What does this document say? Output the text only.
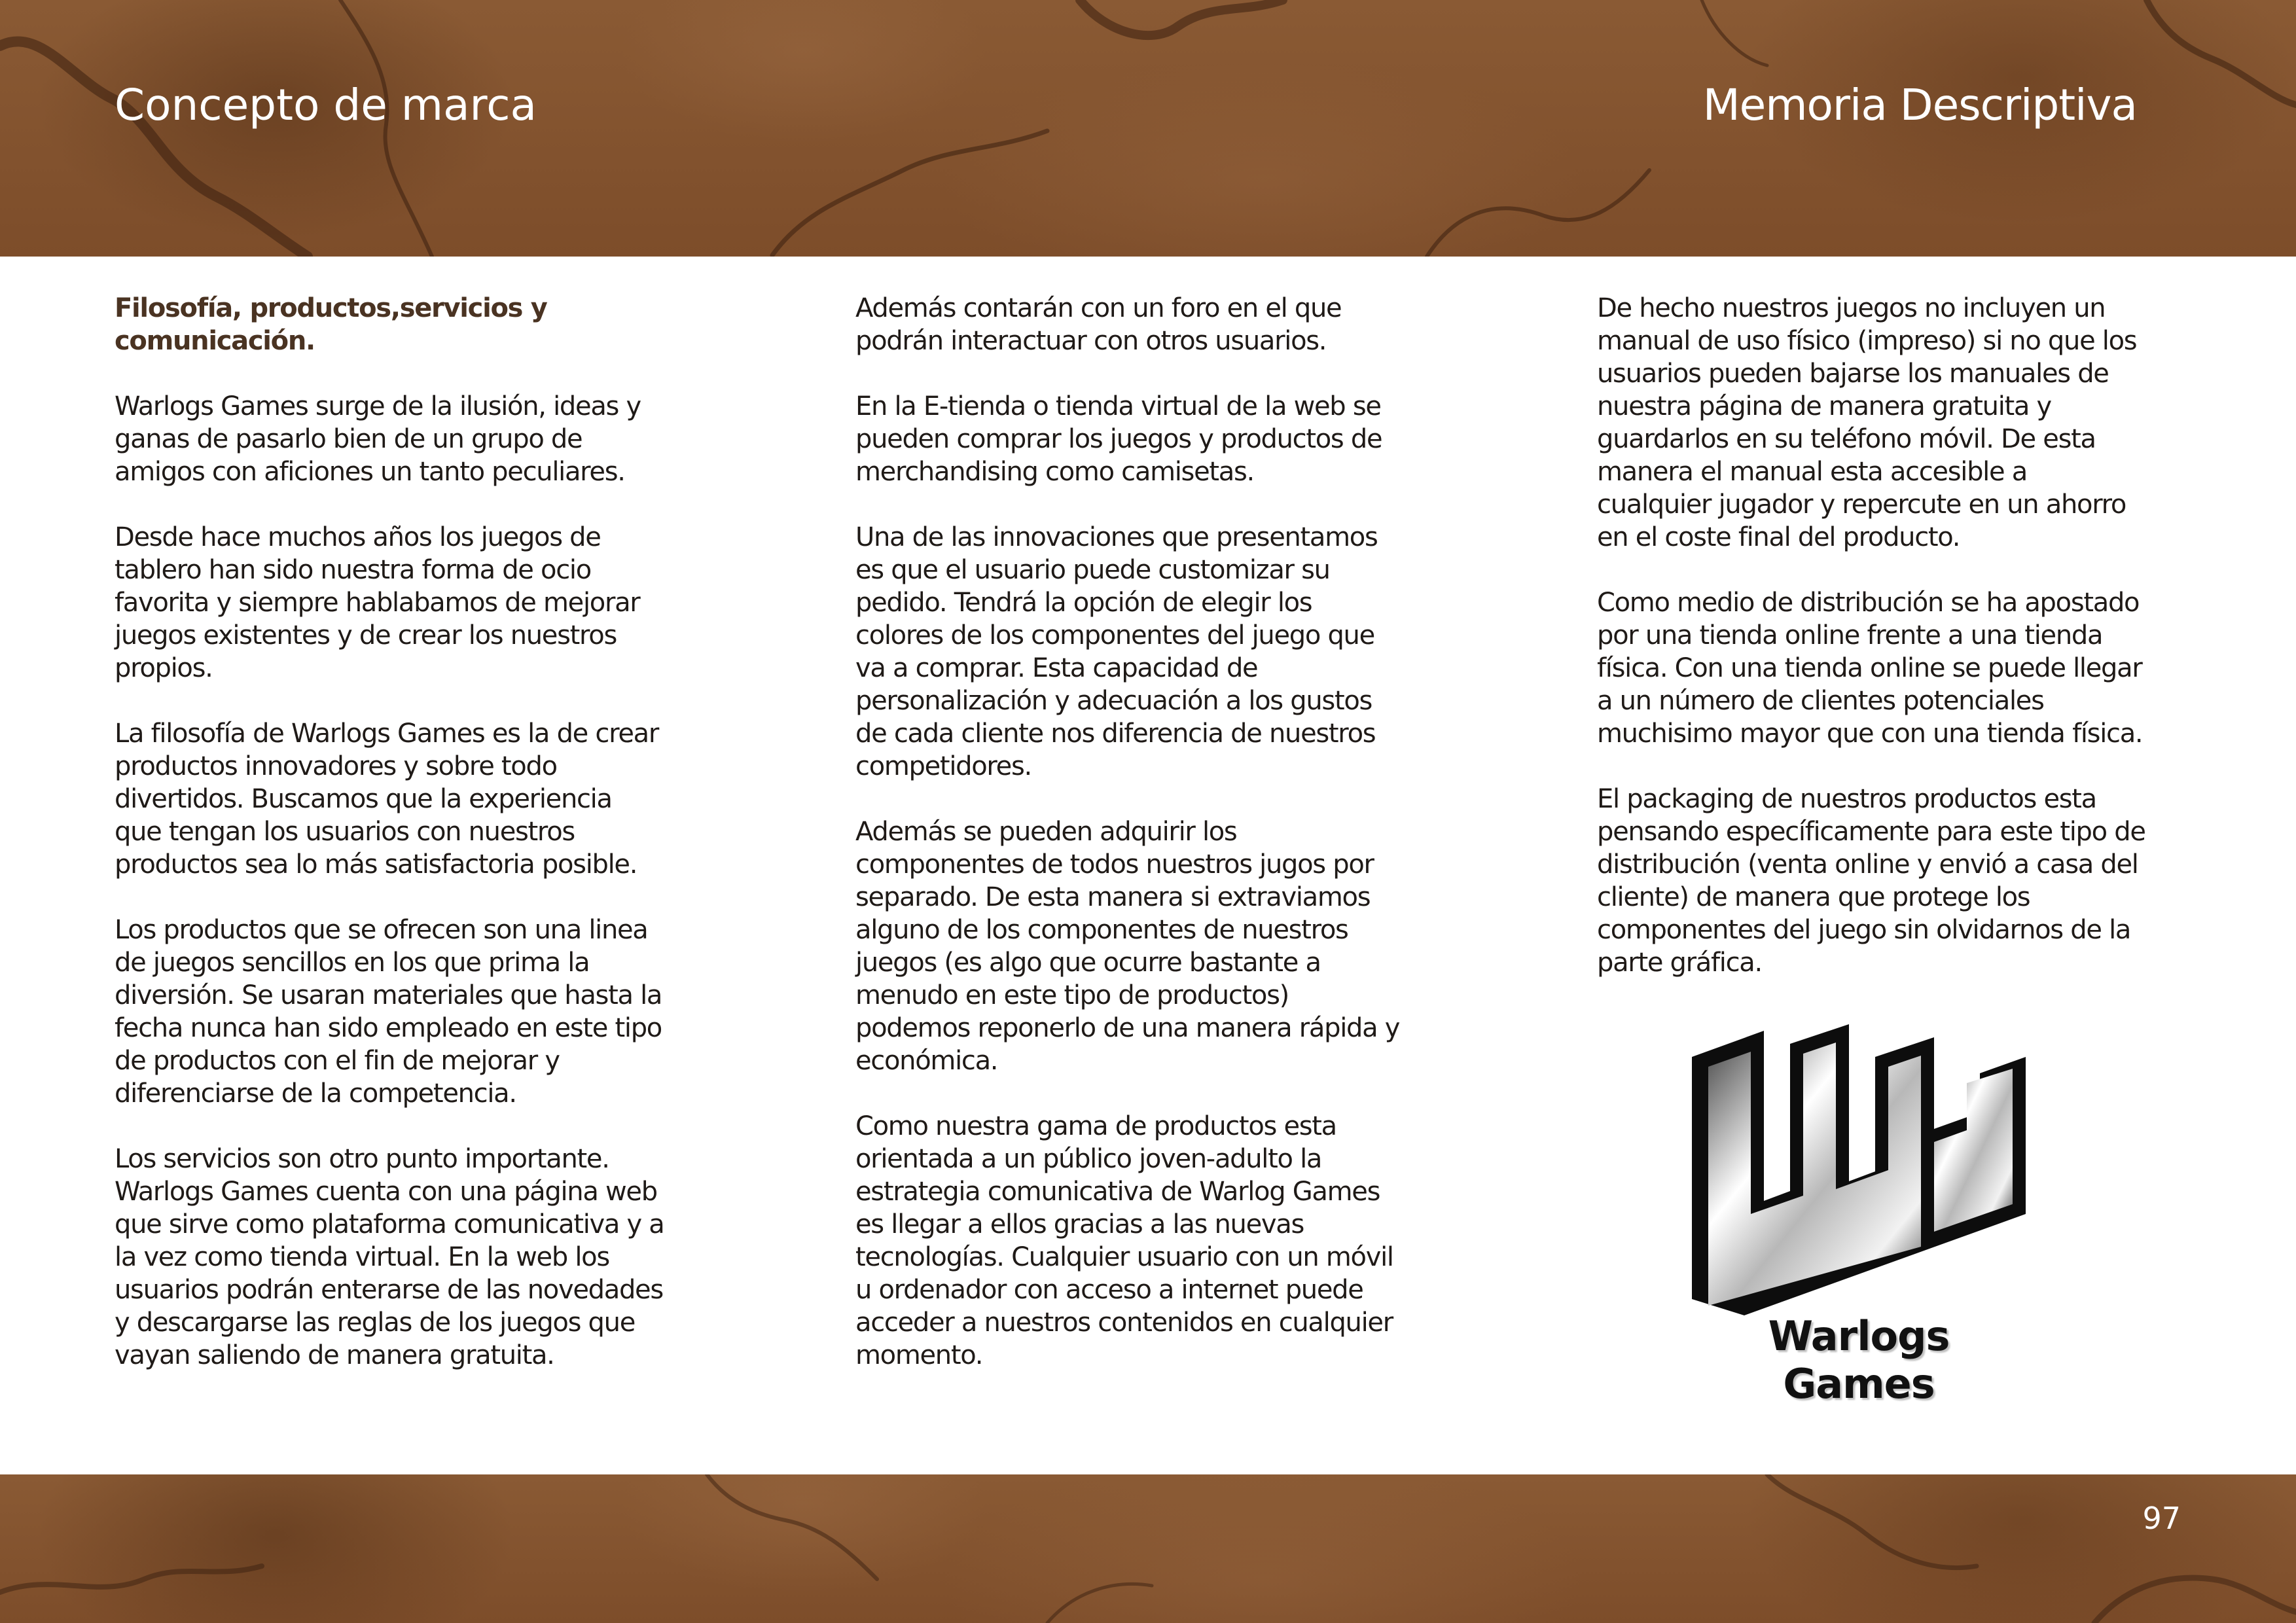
Concepto de marca	Memoria Descriptiva
Filosofía, productos,servicios y comunicación.

Warlogs Games surge de la ilusión, ideas y ganas de pasarlo bien de un grupo de amigos con aficiones un tanto peculiares.

Desde hace muchos años los juegos de tablero han sido nuestra forma de ocio favorita y siempre hablabamos de mejorar juegos existentes y de crear los nuestros propios.

La filosofía de Warlogs Games es la de crear productos innovadores y sobre todo divertidos. Buscamos que la experiencia que tengan los usuarios con nuestros productos sea lo más satisfactoria posible.

Los productos que se ofrecen son una linea de juegos sencillos en los que prima la diversión. Se usaran materiales que hasta la fecha nunca han sido empleado en este tipo de productos con el fin de mejorar y diferenciarse de la competencia.

Los servicios son otro punto importante. Warlogs Games cuenta con una página web que sirve como plataforma comunicativa y a la vez como tienda virtual. En la web los usuarios podrán enterarse de las novedades y descargarse las reglas de los juegos que vayan saliendo de manera gratuita.

Además contarán con un foro en el que podrán interactuar con otros usuarios.

En la E-tienda o tienda virtual de la web se pueden comprar los juegos y productos de merchandising como camisetas.

Una de las innovaciones que presentamos es que el usuario puede customizar su pedido. Tendrá la opción de elegir los colores de los componentes del juego que va a comprar. Esta capacidad de personalización y adecuación a los gustos de cada cliente nos diferencia de nuestros competidores.

Además se pueden adquirir los componentes de todos nuestros jugos por separado. De esta manera si extraviamos alguno de los componentes de nuestros juegos (es algo que ocurre bastante a menudo en este tipo de productos) podemos reponerlo de una manera rápida y económica.

Como nuestra gama de productos esta orientada a un público joven-adulto la estrategia comunicativa de Warlog Games es llegar a ellos gracias a las nuevas tecnologías. Cualquier usuario con un móvil u ordenador con acceso a internet puede acceder a nuestros contenidos en cualquier momento.

De hecho nuestros juegos no incluyen un manual de uso físico (impreso) si no que los usuarios pueden bajarse los manuales de nuestra página de manera gratuita y guardarlos en su teléfono móvil. De esta manera el manual esta accesible a cualquier jugador y repercute en un ahorro en el coste final del producto.

Como medio de distribución se ha apostado por una tienda online frente a una tienda física. Con una tienda online se puede llegar a un número de clientes potenciales muchisimo mayor que con una tienda física.

El packaging de nuestros productos esta pensando específicamente para este tipo de distribución (venta online y envió a casa del cliente) de manera que protege los componentes del juego sin olvidarnos de la parte gráfica.

Warlogs Games
97
